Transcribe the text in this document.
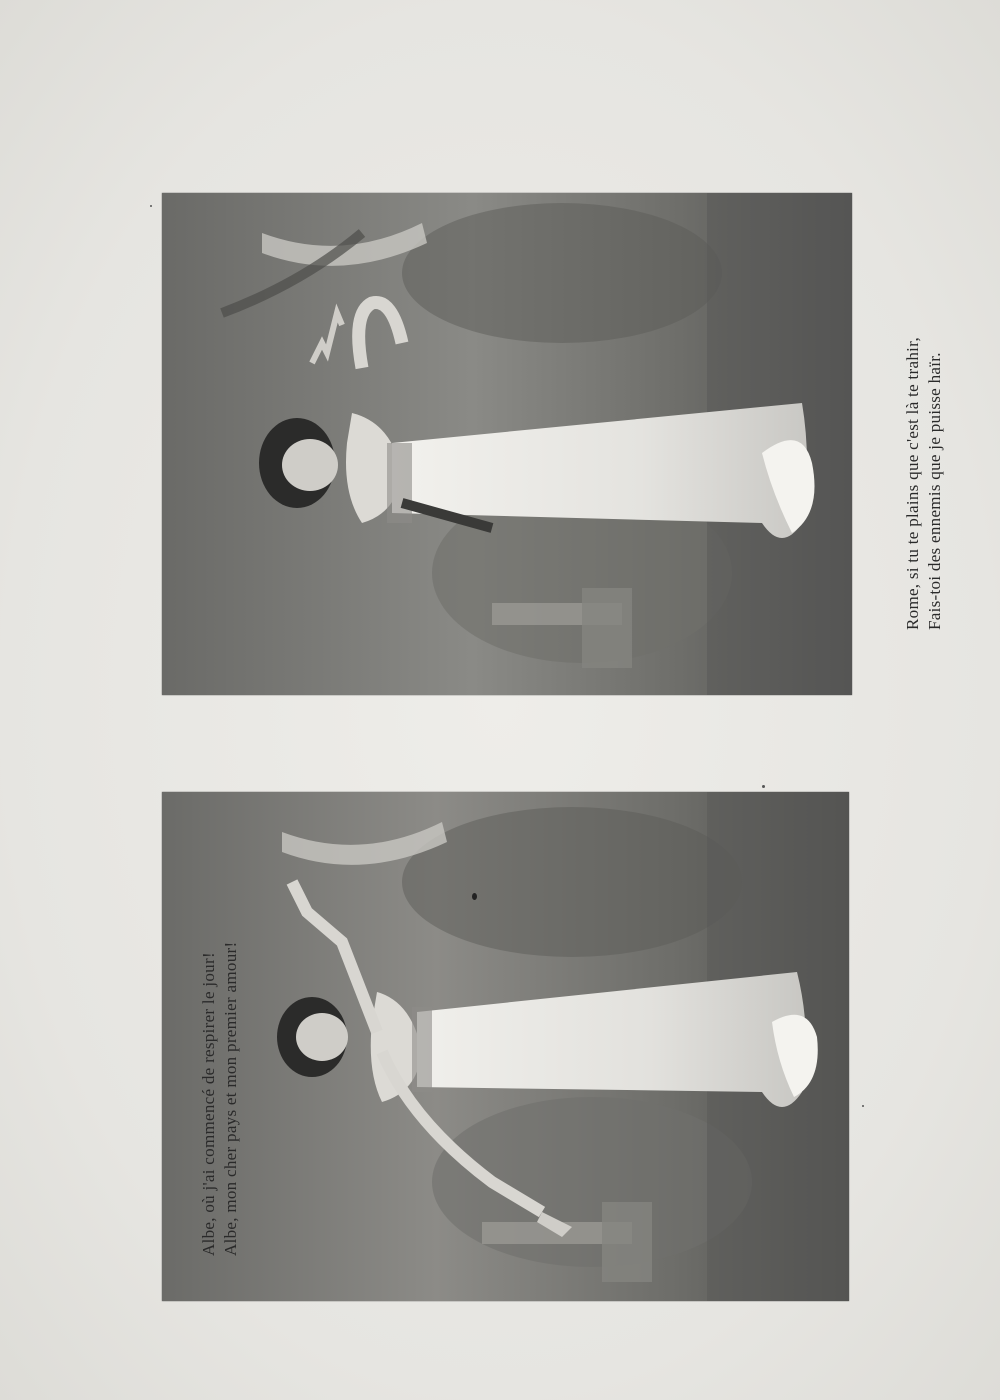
Rome, si tu te plains que c'est là te trahir, Fais-toi des ennemis que je puisse haïr.
Albe, où j'ai commencé de respirer le jour! Albe, mon cher pays et mon premier amour!
